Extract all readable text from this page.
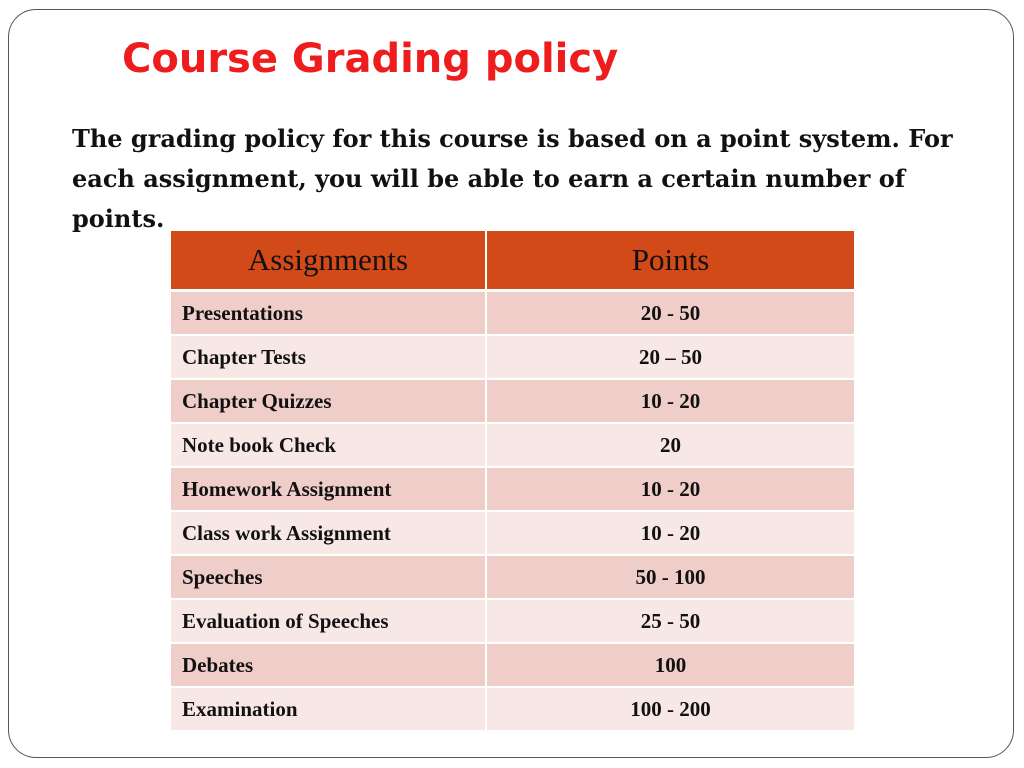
Course Grading policy

The grading policy for this course is based on a point system. For each assignment, you will be able to earn a certain number of points.

Assignments	Points
Presentations	20 - 50
Chapter Tests	20 – 50
Chapter Quizzes	10 - 20
Note book Check	20
Homework Assignment	10 - 20
Class work Assignment	10 - 20
Speeches	50 - 100
Evaluation of Speeches	25 - 50
Debates	100
Examination	100 - 200
